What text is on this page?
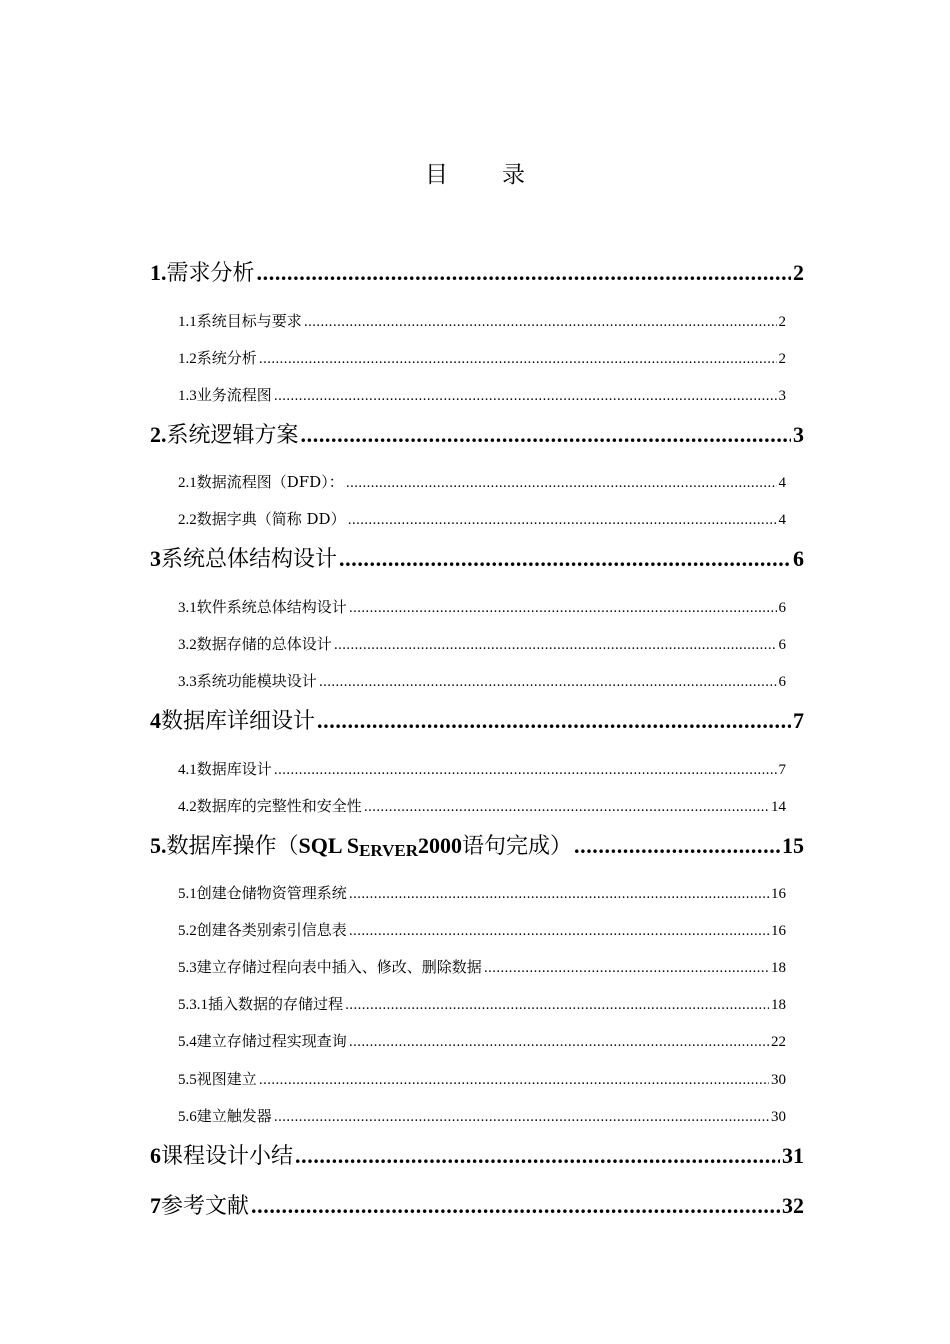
目 录
1. 需求分析 .....	2
1.1 系统目标与要求 .....	2
1.2 系统分析 .....	2
1.3 业务流程图 .....	3
2. 系统逻辑方案 .....	3
2.1 数据流程图（DFD）： .....	4
2.2 数据字典（简称 DD） .....	4
3 系统总体结构设计 .....	6
3.1 软件系统总体结构设计 .....	6
3.2 数据存储的总体设计 .....	6
3.3 系统功能模块设计 .....	6
4 数据库详细设计 .....	7
4.1 数据库设计 .....	7
4.2 数据库的完整性和安全性 .....	14
5. 数据库操作（ SQL S ERVER 2000 语句完成） .....	15
5.1 创建仓储物资管理系统 .....	16
5.2 创建各类别索引信息表 .....	16
5.3 建立存储过程向表中插入、修改、删除数据 .....	18
5.3.1 插入数据的存储过程 .....	18
5.4 建立存储过程实现查询 .....	22
5.5 视图建立 .....	30
5.6 建立触发器 .....	30
6 课程设计小结 .....	31
7 参考文献 .....	32
